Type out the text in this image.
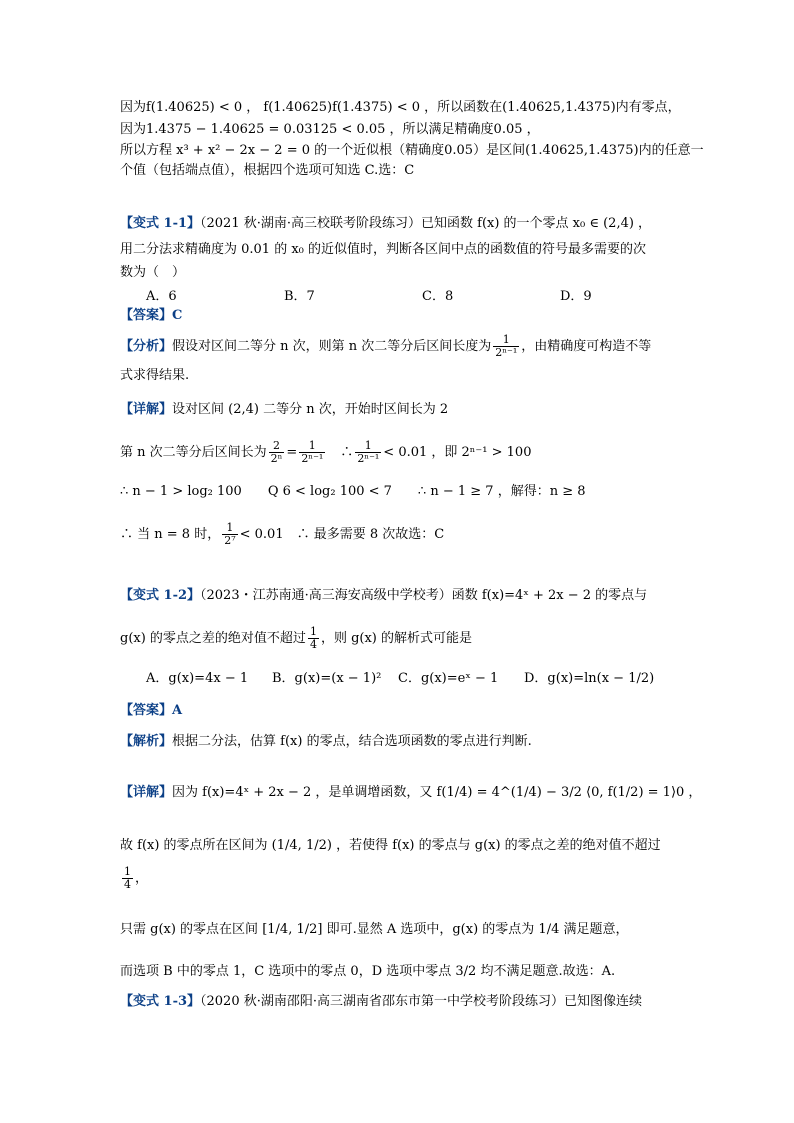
因为f(1.40625) < 0 ， f(1.40625)f(1.4375) < 0 ，所以函数在(1.40625,1.4375)内有零点，
因为1.4375 − 1.40625 = 0.03125 < 0.05 ，所以满足精确度0.05 ，
所以方程 x³ + x² − 2x − 2 = 0 的一个近似根（精确度0.05）是区间(1.40625,1.4375)内的任意一
个值（包括端点值），根据四个选项可知选 C.选：C
【变式 1-1】（2021 秋·湖南·高三校联考阶段练习）已知函数 f(x) 的一个零点 x₀ ∈ (2,4) ，
用二分法求精确度为 0.01 的 x₀ 的近似值时，判断各区间中点的函数值的符号最多需要的次
数为（　）
A．6	B．7	C．8	D．9
【答案】C
【分析】假设对区间二等分 n 次，则第 n 次二等分后区间长度为 $\frac{1}{\text{2ⁿ⁻¹}}$ ，由精确度可构造不等
式求得结果.
【详解】设对区间 (2,4) 二等分 n 次，开始时区间长为 2
第 n 次二等分后区间长为 $\frac{2}{\text{2ⁿ}} = \frac{1}{\text{2ⁿ⁻¹}}$ 　∴ $\frac{1}{\text{2ⁿ⁻¹}} < 0.01$ ，即 2ⁿ⁻¹ > 100
∴ n − 1 > log₂ 100　　Q 6 < log₂ 100 < 7　　∴ n − 1 ≥ 7 ，解得：n ≥ 8
∴ 当 n = 8 时， $\frac{1}{\text{2⁷}} < 0.01$　∴ 最多需要 8 次故选：C
【变式 1-2】（2023・江苏南通·高三海安高级中学校考）函数 f(x)=4ˣ + 2x − 2 的零点与
g(x) 的零点之差的绝对值不超过 $\frac{1}{4}$ ，则 g(x) 的解析式可能是
A．g(x)=4x − 1 B．g(x)=(x − 1)² C．g(x)=eˣ − 1 D．g(x)=ln(x − 1/2)
【答案】A
【解析】根据二分法，估算 f(x) 的零点，结合选项函数的零点进行判断.
【详解】因为 f(x)=4ˣ + 2x − 2 ，是单调增函数，又 f(1/4) = 4^(1/4) − 3/2 ⟨0, f(1/2) = 1⟩0 ，
故 f(x) 的零点所在区间为 (1/4, 1/2) ，若使得 f(x) 的零点与 g(x) 的零点之差的绝对值不超过
$\frac{1}{4}$ ，
只需 g(x) 的零点在区间 [1/4, 1/2] 即可.显然 A 选项中，g(x) 的零点为 1/4 满足题意，
而选项 B 中的零点 1，C 选项中的零点 0，D 选项中零点 3/2 均不满足题意.故选：A.
【变式 1-3】（2020 秋·湖南邵阳·高三湖南省邵东市第一中学校考阶段练习）已知图像连续
